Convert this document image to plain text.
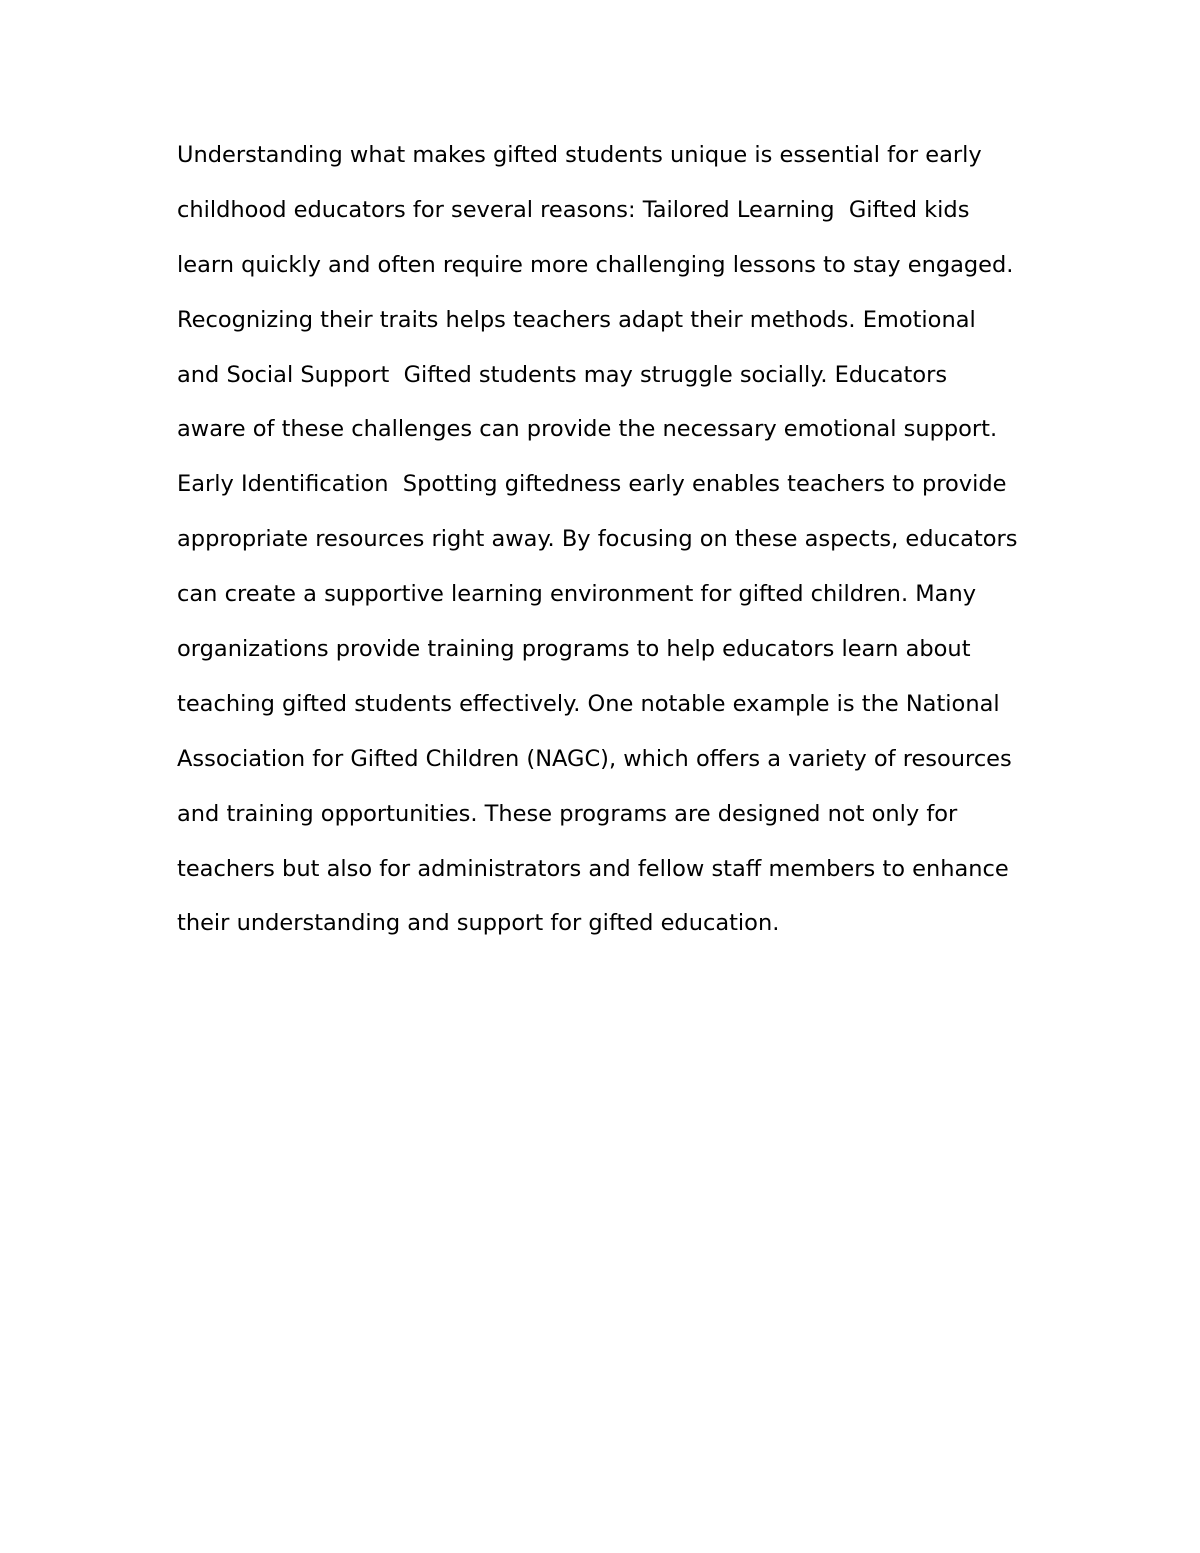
Understanding what makes gifted students unique is essential for early
childhood educators for several reasons: Tailored Learning  Gifted kids
learn quickly and often require more challenging lessons to stay engaged.
Recognizing their traits helps teachers adapt their methods. Emotional
and Social Support  Gifted students may struggle socially. Educators
aware of these challenges can provide the necessary emotional support.
Early Identification  Spotting giftedness early enables teachers to provide
appropriate resources right away. By focusing on these aspects, educators
can create a supportive learning environment for gifted children. Many
organizations provide training programs to help educators learn about
teaching gifted students effectively. One notable example is the National
Association for Gifted Children (NAGC), which offers a variety of resources
and training opportunities. These programs are designed not only for
teachers but also for administrators and fellow staff members to enhance
their understanding and support for gifted education.
